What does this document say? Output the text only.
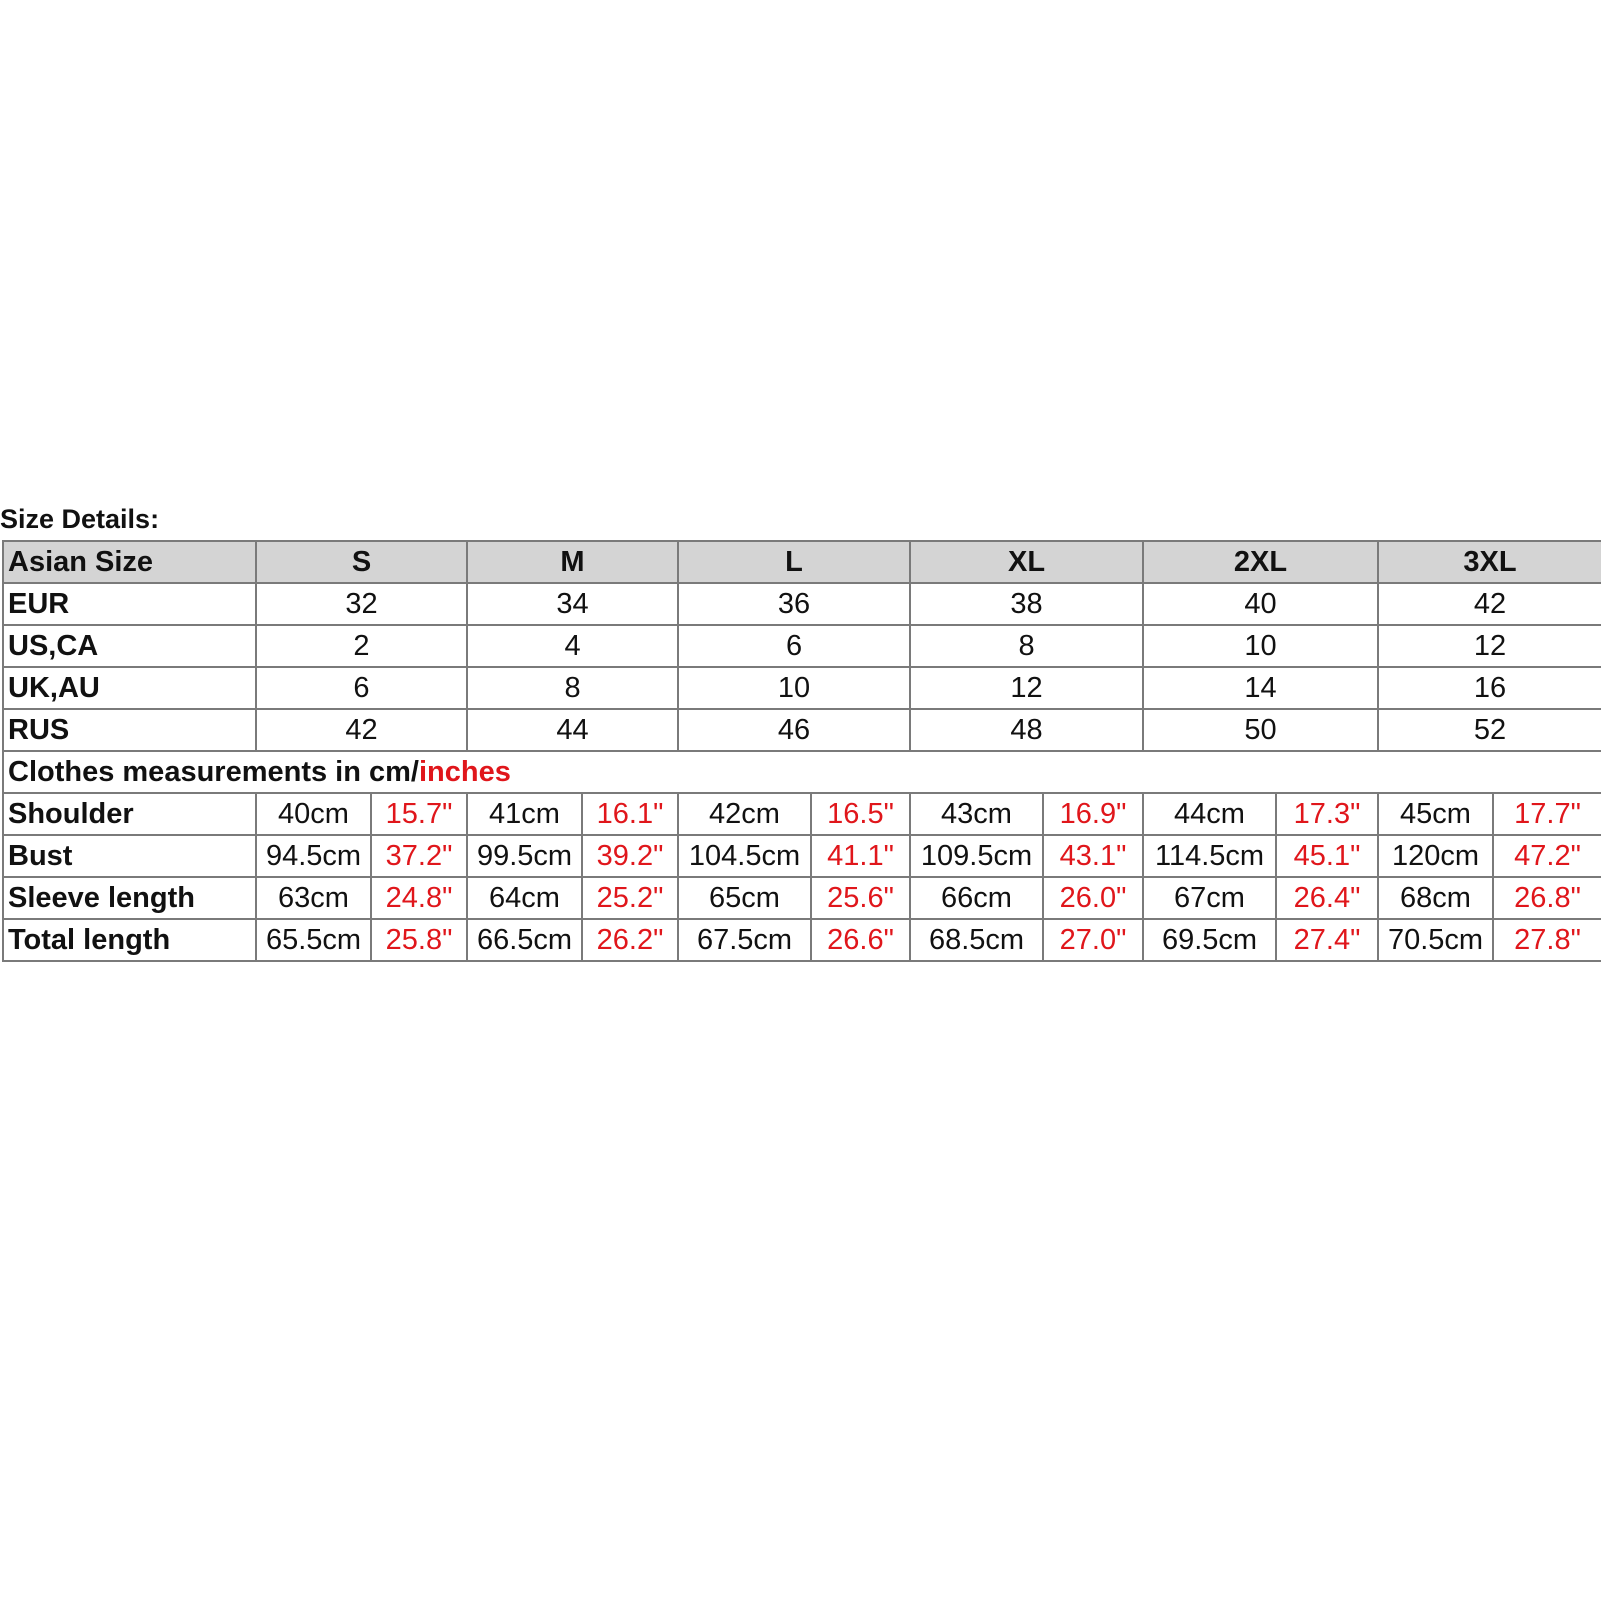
Size Details:
Asian Size	S		M		L		XL		2XL		3XL	
EUR	32		34		36		38		40		42	
US,CA	2		4		6		8		10		12	
UK,AU	6		8		10		12		14		16	
RUS	42		44		46		48		50		52	
Clothes measurements in cm/inches												
Shoulder	40cm	15.7"	41cm	16.1"	42cm	16.5"	43cm	16.9"	44cm	17.3"	45cm	17.7"
Bust	94.5cm	37.2"	99.5cm	39.2"	104.5cm	41.1"	109.5cm	43.1"	114.5cm	45.1"	120cm	47.2"
Sleeve length	63cm	24.8"	64cm	25.2"	65cm	25.6"	66cm	26.0"	67cm	26.4"	68cm	26.8"
Total length	65.5cm	25.8"	66.5cm	26.2"	67.5cm	26.6"	68.5cm	27.0"	69.5cm	27.4"	70.5cm	27.8"
